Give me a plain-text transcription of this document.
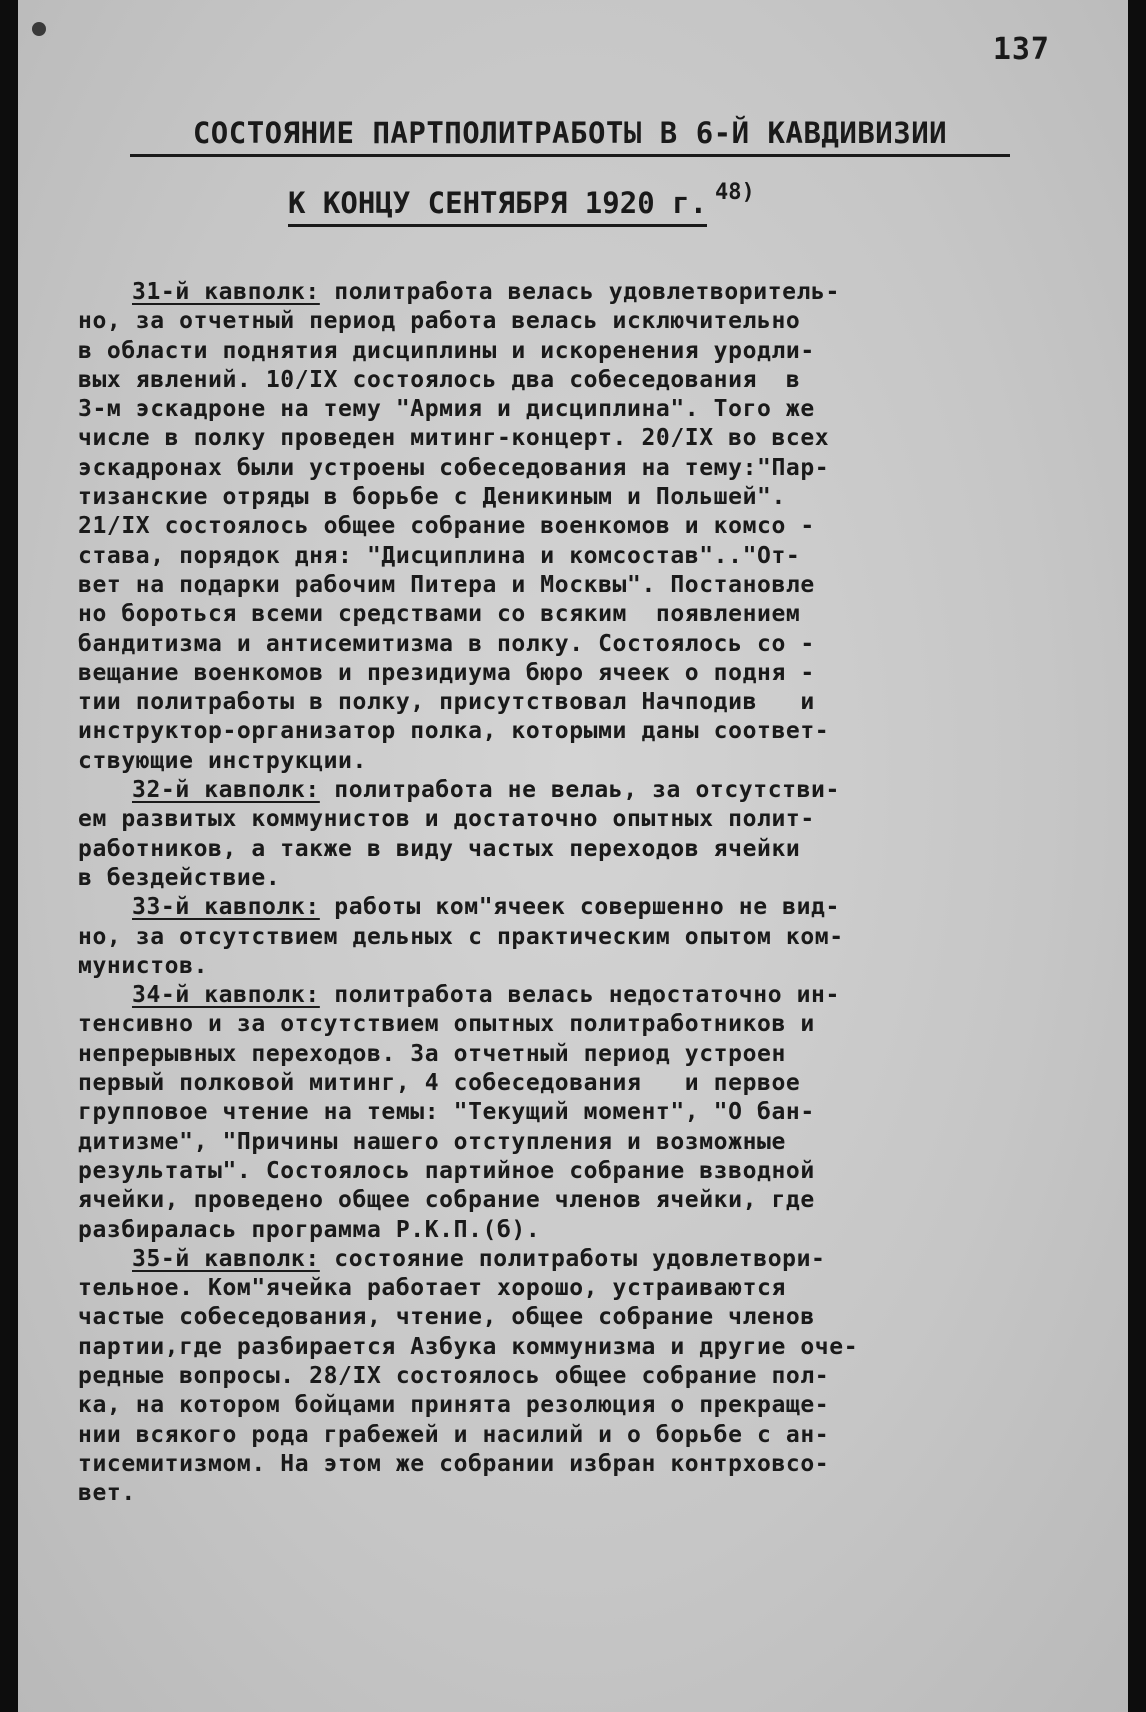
137
СОСТОЯНИЕ ПАРТПОЛИТРАБОТЫ В 6-Й КАВДИВИЗИИ
К КОНЦУ СЕНТЯБРЯ 1920 г. $^{48)}$
31-й кавполк: политработа велась удовлетворитель-
но, за отчетный период работа велась исключительно
в области поднятия дисциплины и искоренения уродли-
вых явлений. 10/IX состоялось два собеседования  в
3-м эскадроне на тему "Армия и дисциплина". Того же
числе в полку проведен митинг-концерт. 20/IX во всех
эскадронах были устроены собеседования на тему:"Пар-
тизанские отряды в борьбе с Деникиным и Польшей".
21/IX состоялось общее собрание военкомов и комсо -
става, порядок дня: "Дисциплина и комсостав".."От-
вет на подарки рабочим Питера и Москвы". Постановле
но бороться всеми средствами со всяким  появлением
бандитизма и антисемитизма в полку. Состоялось со -
вещание военкомов и президиума бюро ячеек о подня -
тии политработы в полку, присутствовал Начподив   и
инструктор-организатор полка, которыми даны соответ-
ствующие инструкции.
32-й кавполк: политработа не велаь, за отсутстви-
ем развитых коммунистов и достаточно опытных полит-
работников, а также в виду частых переходов ячейки
в бездействие.
33-й кавполк: работы ком"ячеек совершенно не вид-
но, за отсутствием дельных с практическим опытом ком-
мунистов.
34-й кавполк: политработа велась недостаточно ин-
тенсивно и за отсутствием опытных политработников и
непрерывных переходов. За отчетный период устроен
первый полковой митинг, 4 собеседования   и первое
групповое чтение на темы: "Текущий момент", "О бан-
дитизме", "Причины нашего отступления и возможные
результаты". Состоялось партийное собрание взводной
ячейки, проведено общее собрание членов ячейки, где
разбиралась программа Р.К.П.(б).
35-й кавполк: состояние политработы удовлетвори-
тельное. Ком"ячейка работает хорошо, устраиваются
частые собеседования, чтение, общее собрание членов
партии,где разбирается Азбука коммунизма и другие оче-
редные вопросы. 28/IX состоялось общее собрание пол-
ка, на котором бойцами принята резолюция о прекраще-
нии всякого рода грабежей и насилий и о борьбе с ан-
тисемитизмом. На этом же собрании избран контрховсо-
вет.
